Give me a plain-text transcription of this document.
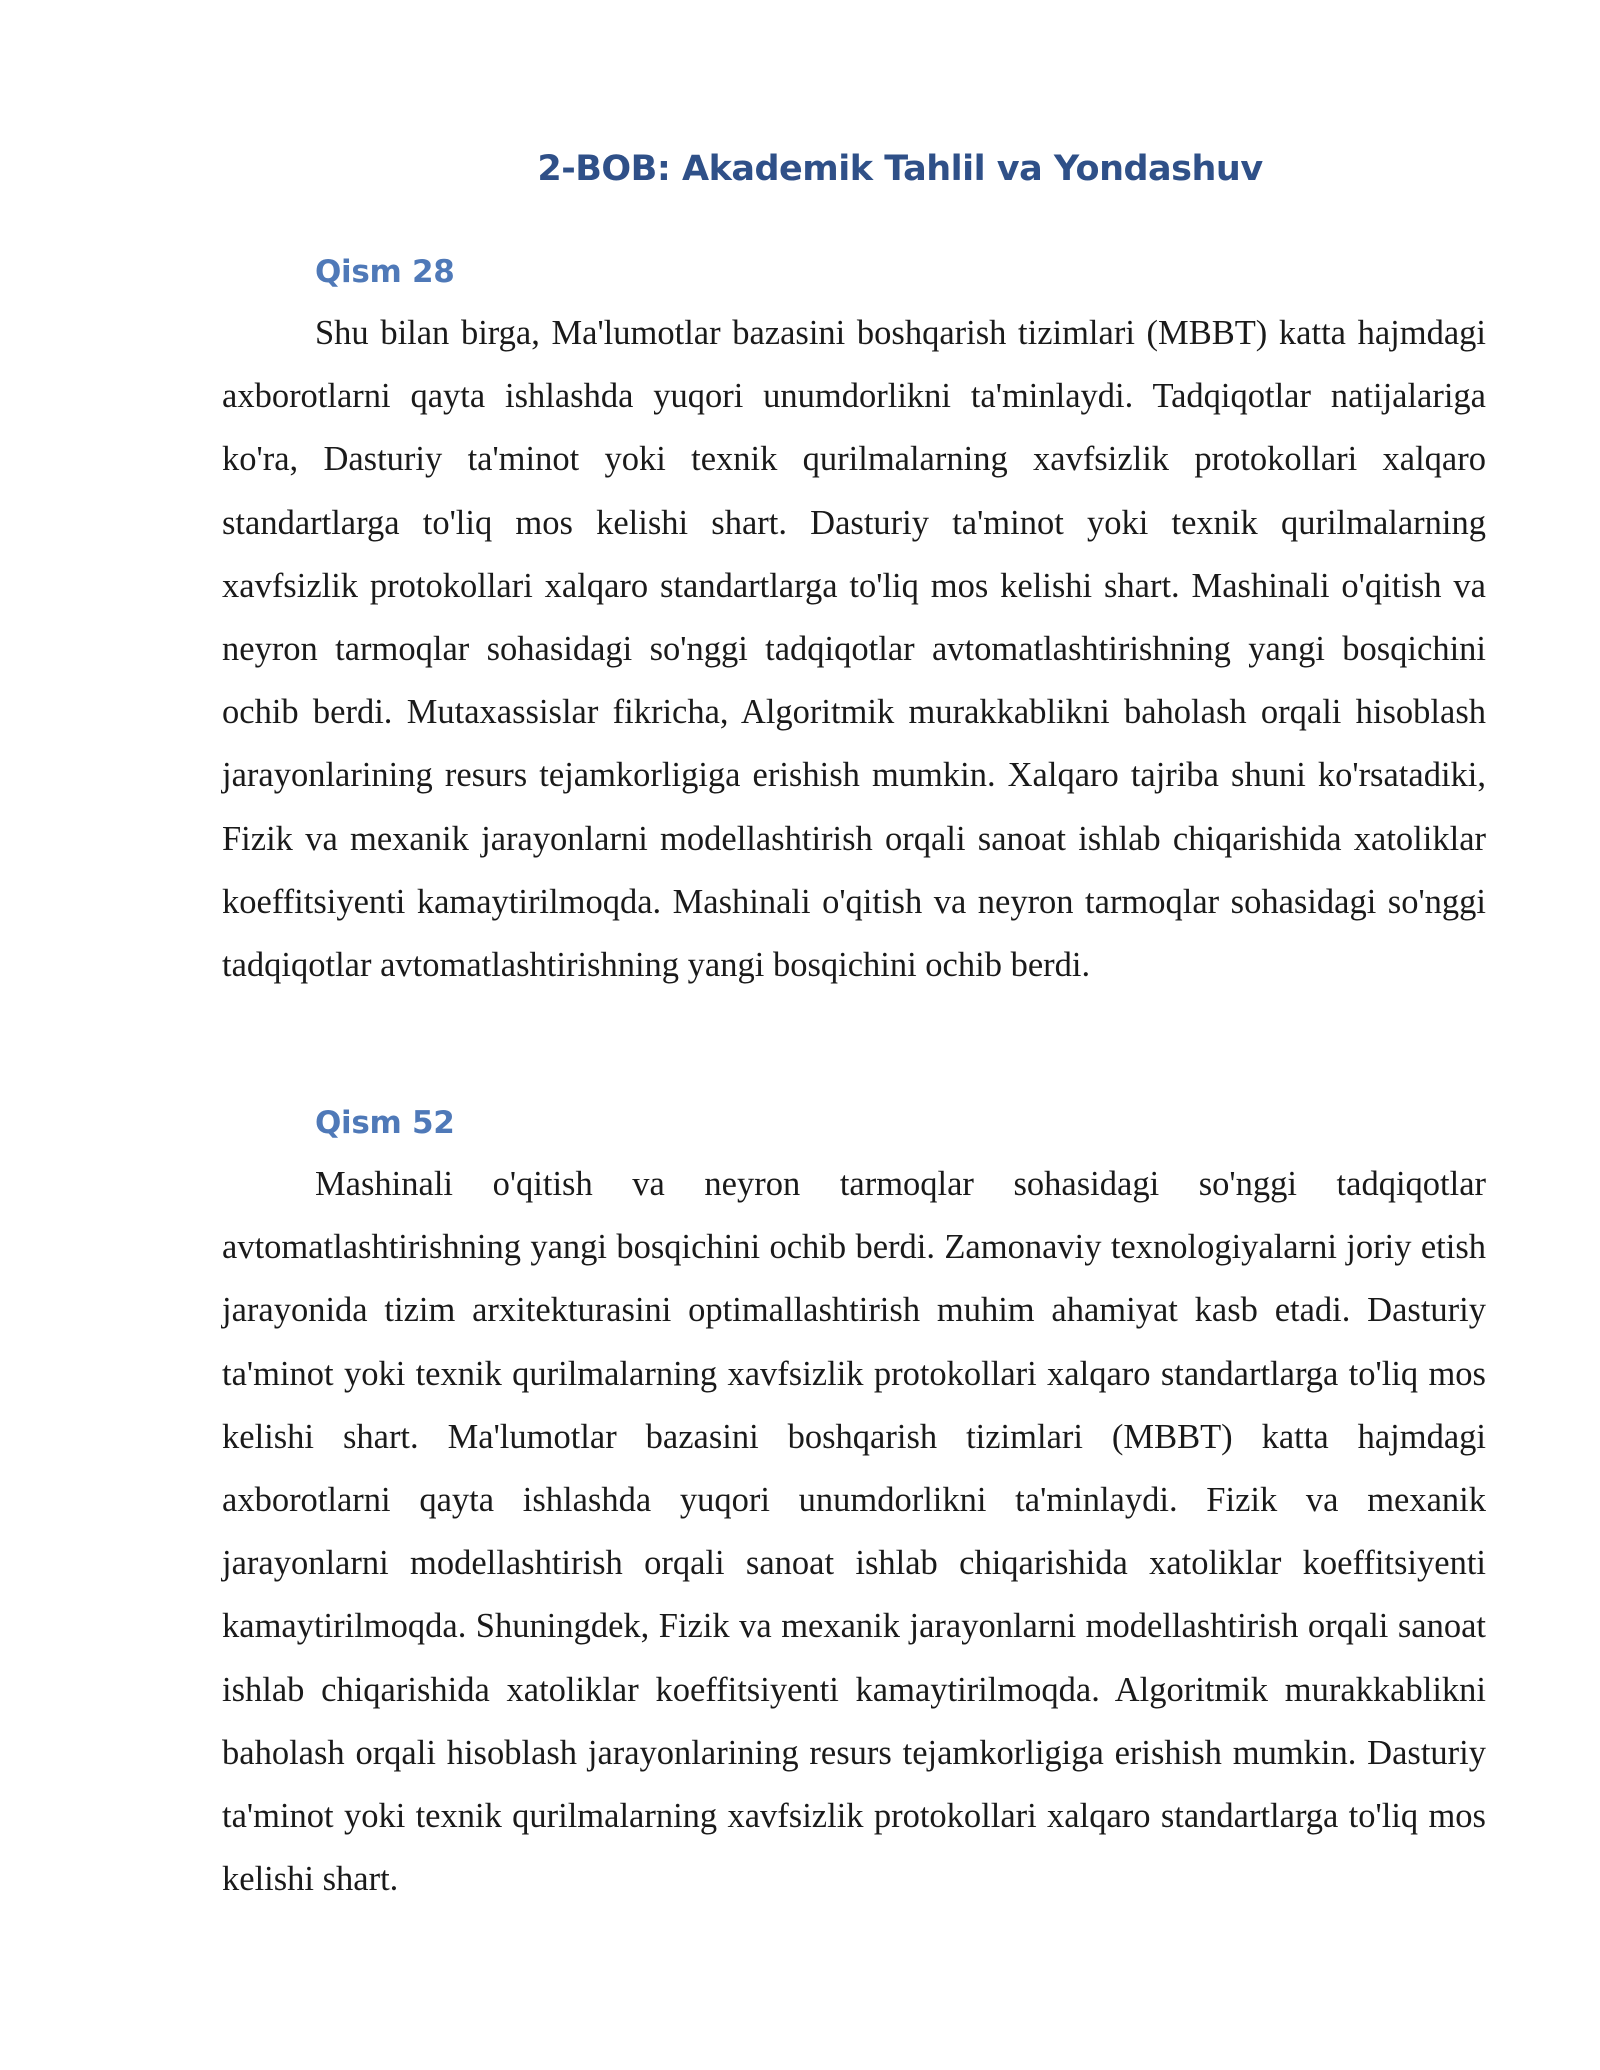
2-BOB: Akademik Tahlil va Yondashuv
Qism 28

Shu bilan birga, Ma'lumotlar bazasini boshqarish tizimlari (MBBT) katta hajmdagi axborotlarni qayta ishlashda yuqori unumdorlikni ta'minlaydi. Tadqiqotlar natijalariga ko'ra, Dasturiy ta'minot yoki texnik qurilmalarning xavfsizlik protokollari xalqaro standartlarga to'liq mos kelishi shart. Dasturiy ta'minot yoki texnik qurilmalarning xavfsizlik protokollari xalqaro standartlarga to'liq mos kelishi shart. Mashinali o'qitish va neyron tarmoqlar sohasidagi so'nggi tadqiqotlar avtomatlashtirishning yangi bosqichini ochib berdi. Mutaxassislar fikricha, Algoritmik murakkablikni baholash orqali hisoblash jarayonlarining resurs tejamkorligiga erishish mumkin. Xalqaro tajriba shuni ko'rsatadiki, Fizik va mexanik jarayonlarni modellashtirish orqali sanoat ishlab chiqarishida xatoliklar koeffitsiyenti kamaytirilmoqda. Mashinali o'qitish va neyron tarmoqlar sohasidagi so'nggi tadqiqotlar avtomatlashtirishning yangi bosqichini ochib berdi.

Qism 52

Mashinali o'qitish va neyron tarmoqlar sohasidagi so'nggi tadqiqotlar avtomatlashtirishning yangi bosqichini ochib berdi. Zamonaviy texnologiyalarni joriy etish jarayonida tizim arxitekturasini optimallashtirish muhim ahamiyat kasb etadi. Dasturiy ta'minot yoki texnik qurilmalarning xavfsizlik protokollari xalqaro standartlarga to'liq mos kelishi shart. Ma'lumotlar bazasini boshqarish tizimlari (MBBT) katta hajmdagi axborotlarni qayta ishlashda yuqori unumdorlikni ta'minlaydi. Fizik va mexanik jarayonlarni modellashtirish orqali sanoat ishlab chiqarishida xatoliklar koeffitsiyenti kamaytirilmoqda. Shuningdek, Fizik va mexanik jarayonlarni modellashtirish orqali sanoat ishlab chiqarishida xatoliklar koeffitsiyenti kamaytirilmoqda. Algoritmik murakkablikni baholash orqali hisoblash jarayonlarining resurs tejamkorligiga erishish mumkin. Dasturiy ta'minot yoki texnik qurilmalarning xavfsizlik protokollari xalqaro standartlarga to'liq mos kelishi shart.
